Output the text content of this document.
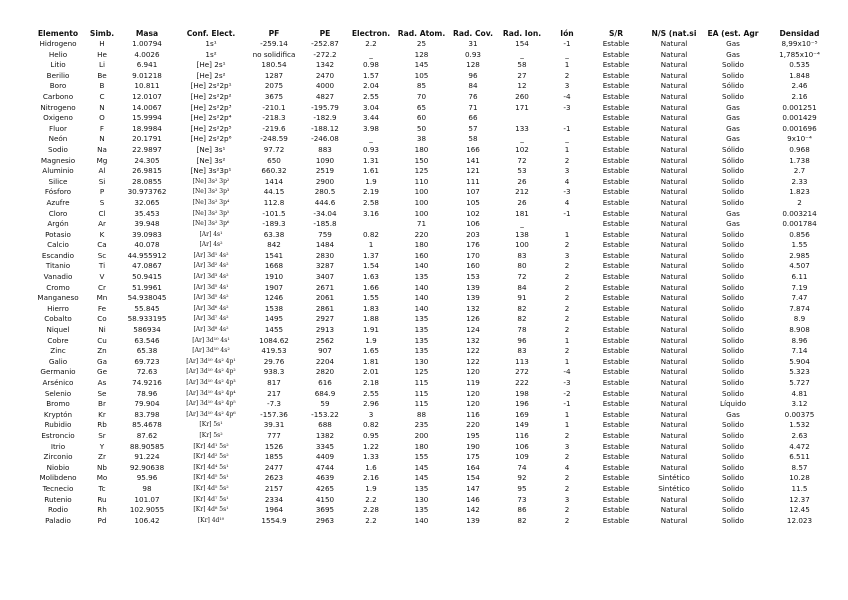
Elemento	Simb.	Masa	Conf. Elect.	PF	PE	Electron.	Rad. Atom.	Rad. Cov.	Rad. Ion.	Ión	S/R	N/S (nat.si	EA (est. Agr	Densidad
Hidrogeno	H	1.00794	1s¹	-259.14	-252.87	2.2	25	31	154	-1	Estable	Natural	Gas	8,99x10⁻⁵
Helio	He	4.0026	1s²	no solidifica	-272.2	_	128	0.93	_	_	Estable	Natural	Gas	1,785x10⁻⁴
Litio	Li	6.941	[He] 2s¹	180.54	1342	0.98	145	128	58	1	Estable	Natural	Solido	0.535
Berilio	Be	9.01218	[He] 2s²	1287	2470	1.57	105	96	27	2	Estable	Natural	Solido	1.848
Boro	B	10.811	[He] 2s²2p¹	2075	4000	2.04	85	84	12	3	Estable	Natural	Sólido	2.46
Carbono	C	12.0107	[He] 2s²2p²	3675	4827	2.55	70	76	260	-4	Estable	Natural	Solido	2.16
Nitrogeno	N	14.0067	[He] 2s²2p³	-210.1	-195.79	3.04	65	71	171	-3	Estable	Natural	Gas	0.001251
Oxigeno	O	15.9994	[He] 2s²2p⁴	-218.3	-182.9	3.44	60	66			Estable	Natural	Gas	0.001429
Fluor	F	18.9984	[He] 2s²2p⁵	-219.6	-188.12	3.98	50	57	133	-1	Estable	Natural	Gas	0.001696
Neón	N	20.1791	[He] 2s²2p⁶	-248.59	-246.08	_	38	58	_	_	Estable	Natural	Gas	9x10⁻⁴
Sodio	Na	22.9897	[Ne] 3s¹	97.72	883	0.93	180	166	102	1	Estable	Natural	Sólido	0.968
Magnesio	Mg	24.305	[Ne] 3s²	650	1090	1.31	150	141	72	2	Estable	Natural	Sólido	1.738
Aluminio	Al	26.9815	[Ne] 3s²3p¹	660.32	2519	1.61	125	121	53	3	Estable	Natural	Solido	2.7
Silice	Si	28.0855	[Ne] 3s² 3p²	1414	2900	1.9	110	111	26	4	Estable	Natural	Solido	2.33
Fósforo	P	30.973762	[Ne] 3s² 3p³	44.15	280.5	2.19	100	107	212	-3	Estable	Natural	Solido	1.823
Azufre	S	32.065	[Ne] 3s² 3p⁴	112.8	444.6	2.58	100	105	26	4	Estable	Natural	Solido	2
Cloro	Cl	35.453	[Ne] 3s² 3p⁵	-101.5	-34.04	3.16	100	102	181	-1	Estable	Natural	Gas	0.003214
Argón	Ar	39.948	[Ne] 3s² 3p⁶	-189.3	-185.8		71	106	_		Estable	Natural	Gas	0.001784
Potasio	K	39.0983	[Ar] 4s¹	63.38	759	0.82	220	203	138	1	Estable	Natural	Solido	0.856
Calcio	Ca	40.078	[Ar] 4s²	842	1484	1	180	176	100	2	Estable	Natural	Solido	1.55
Escandio	Sc	44.955912	[Ar] 3d¹ 4s²	1541	2830	1.37	160	170	83	3	Estable	Natural	Solido	2.985
Titanio	Ti	47.0867	[Ar] 3d² 4s²	1668	3287	1.54	140	160	80	2	Estable	Natural	Solido	4.507
Vanadio	V	50.9415	[Ar] 3d³ 4s²	1910	3407	1.63	135	153	72	2	Estable	Natural	Solido	6.11
Cromo	Cr	51.9961	[Ar] 3d⁵ 4s¹	1907	2671	1.66	140	139	84	2	Estable	Natural	Solido	7.19
Manganeso	Mn	54.938045	[Ar] 3d⁵ 4s²	1246	2061	1.55	140	139	91	2	Estable	Natural	Solido	7.47
Hierro	Fe	55.845	[Ar] 3d⁶ 4s²	1538	2861	1.83	140	132	82	2	Estable	Natural	Solido	7.874
Cobalto	Co	58.933195	[Ar] 3d⁷ 4s²	1495	2927	1.88	135	126	82	2	Estable	Natural	Solido	8.9
Niquel	Ni	586934	[Ar] 3d⁸ 4s²	1455	2913	1.91	135	124	78	2	Estable	Natural	Solido	8.908
Cobre	Cu	63.546	[Ar] 3d¹⁰ 4s¹	1084.62	2562	1.9	135	132	96	1	Estable	Natural	Solido	8.96
Zinc	Zn	65.38	[Ar] 3d¹⁰ 4s²	419.53	907	1.65	135	122	83	2	Estable	Natural	Solido	7.14
Galio	Ga	69.723	[Ar] 3d¹⁰ 4s² 4p¹	29.76	2204	1.81	130	122	113	1	Estable	Natural	Solido	5.904
Germanio	Ge	72.63	[Ar] 3d¹⁰ 4s² 4p²	938.3	2820	2.01	125	120	272	-4	Estable	Natural	Solido	5.323
Arsénico	As	74.9216	[Ar] 3d¹⁰ 4s² 4p³	817	616	2.18	115	119	222	-3	Estable	Natural	Solido	5.727
Selenio	Se	78.96	[Ar] 3d¹⁰ 4s² 4p⁴	217	684.9	2.55	115	120	198	-2	Estable	Natural	Solido	4.81
Bromo	Br	79.904	[Ar] 3d¹⁰ 4s² 4p⁵	-7.3	59	2.96	115	120	196	-1	Estable	Natural	Líquido	3.12
Kryptón	Kr	83.798	[Ar] 3d¹⁰ 4s² 4p⁶	-157.36	-153.22	3	88	116	169	1	Estable	Natural	Gas	0.00375
Rubidio	Rb	85.4678	[Kr] 5s¹	39.31	688	0.82	235	220	149	1	Estable	Natural	Solido	1.532
Estroncio	Sr	87.62	[Kr] 5s²	777	1382	0.95	200	195	116	2	Estable	Natural	Solido	2.63
Itrio	Y	88.90585	[Kr] 4d¹ 5s²	1526	3345	1.22	180	190	106	3	Estable	Natural	Solido	4.472
Zirconio	Zr	91.224	[Kr] 4d² 5s²	1855	4409	1.33	155	175	109	2	Estable	Natural	Solido	6.511
Niobio	Nb	92.90638	[Kr] 4d⁴ 5s¹	2477	4744	1.6	145	164	74	4	Estable	Natural	Solido	8.57
Molibdeno	Mo	95.96	[Kr] 4d⁵ 5s¹	2623	4639	2.16	145	154	92	2	Estable	Sintético	Solido	10.28
Tecnecio	Tc	98	[Kr] 4d⁵ 5s²	2157	4265	1.9	135	147	95	2	Estable	Sintético	Solido	11.5
Rutenio	Ru	101.07	[Kr] 4d⁷ 5s¹	2334	4150	2.2	130	146	73	3	Estable	Natural	Solido	12.37
Rodio	Rh	102.9055	[Kr] 4d⁸ 5s¹	1964	3695	2.28	135	142	86	2	Estable	Natural	Solido	12.45
Paladio	Pd	106.42	[Kr] 4d¹⁰	1554.9	2963	2.2	140	139	82	2	Estable	Natural	Solido	12.023
